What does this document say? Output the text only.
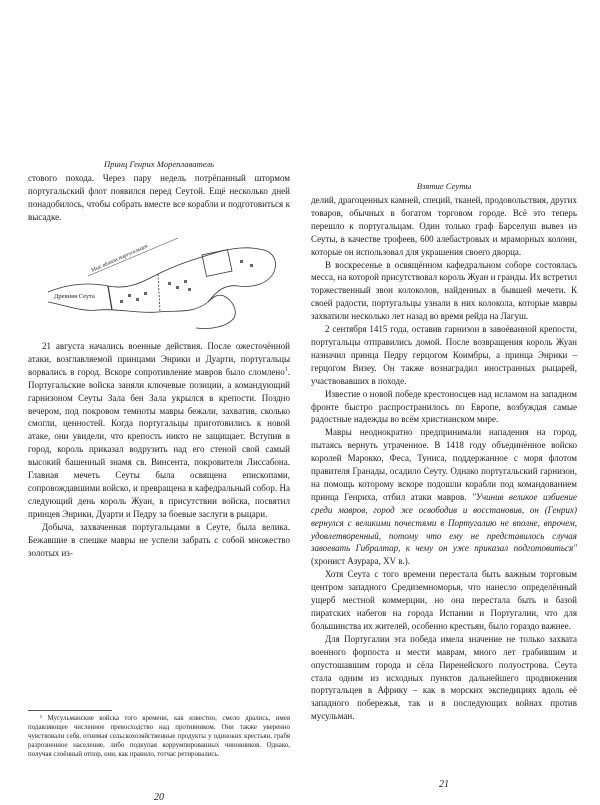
Принц Генрих Мореплаватель

стового похода. Через пару недель потрёпанный штормом португальский флот появился перед Сеутой. Ещё несколько дней понадобилось, чтобы собрать вместе все корабли и подготовиться к высадке.

Древняя Сеута
Мыс вблизи португальцев

21 августа начались военные действия. После ожесточённой атаки, возглавляемой принцами Энрики и Дуарти, португальцы ворвались в город. Вскоре сопротивление мавров было сломлено$^1$. Португальские войска заняли ключевые позиции, а командующий гарнизоном Сеуты Зала бен Зала укрылся в крепости. Поздно вечером, под покровом темноты мавры бежали, захватив, сколько смогли, ценностей. Когда португальцы приготовились к новой атаке, они увидели, что крепость никто не защищает. Вступив в город, король приказал водрузить над его стеной свой самый высокий башенный знамя св. Винсента, покровителя Лиссабона. Главная мечеть Сеуты была освящена епископами, сопровождавшими войско, и превращена в кафедральный собор. На следующий день король Жуан, в присутствии войска, посвятил принцев Энрики, Дуарти и Педру за боевые заслуги в рыцари.

Добыча, захваченная португальцами в Сеуте, была велика. Бежавшие в спешке мавры не успели забрать с собой множество золотых из-

¹ Мусульманские войска того времени, как известно, смело дрались, имея подавляющее численное превосходство над противником. Они также уверенно чувствовали себя, отнимая сельскохозяйственные продукты у одиноких крестьян, грабя разрозненное население, либо подкупая коррумпированных чиновников. Однако, получая слоённый отпор, они, как правило, тотчас ретировались.

20
Взятие Сеуты

делий, драгоценных камней, специй, тканей, продовольствия, других товаров, обычных в богатом торговом городе. Всё это теперь перешло к португальцам. Один только граф Барселуш вывез из Сеуты, в качестве трофеев, 600 алебастровых и мраморных колонн, которые он использовал для украшения своего дворца.

В воскресенье в освящённом кафедральном соборе состоялась месса, на которой присутствовал король Жуан и гранды. Их встретил торжественный звон колоколов, найденных в бывшей мечети. К своей радости, португальцы узнали в них колокола, которые мавры захватили несколько лет назад во время рейда на Лагуш.

2 сентября 1415 года, оставив гарнизон в завоёванной крепости, португальцы отправились домой. После возвращения король Жуан назначил принца Педру герцогом Коимбры, а принца Энрики – герцогом Визеу. Он также вознаградил иностранных рыцарей, участвовавших в походе.

Известие о новой победе крестоносцев над исламом на западном фронте быстро распространилось по Европе, возбуждая самые радостные надежды во всём христианском мире.

Мавры неоднократно предпринимали нападения на город, пытаясь вернуть утраченное. В 1418 году объединённое войско королей Марокко, Феса, Туниса, поддержанное с моря флотом правителя Гранады, осадило Сеуту. Однако португальский гарнизон, на помощь которому вскоре подошли корабли под командованием принца Генриха, отбил атаки мавров. "Учинив великое избиение среди мавров, город же освободив и восстановив, он (Генрих) вернулся с великими почестями в Португалию не вполне, впрочем, удовлетворенный, потому что ему не представилось случая завоевать Гибралтар, к чему он уже приказал подготовиться" (хронист Азурара, XV в.).

Хотя Сеута с того времени перестала быть важным торговым центром западного Средиземноморья, что нанесло определённый ущерб местной коммерции, но она перестала быть и базой пиратских набегов на города Испании и Португалии, что для большинства их жителей, особенно крестьян, было гораздо важнее.

Для Португалии эта победа имела значение не только захвата военного форпоста и мести маврам, много лет грабившим и опустошавшим города и сёла Пиренейского полуострова. Сеута стала одним из исходных пунктов дальнейшего продвижения португальцев в Африку – как в морских экспедициях вдоль её западного побережья, так и в последующих войнах против мусульман.

21
